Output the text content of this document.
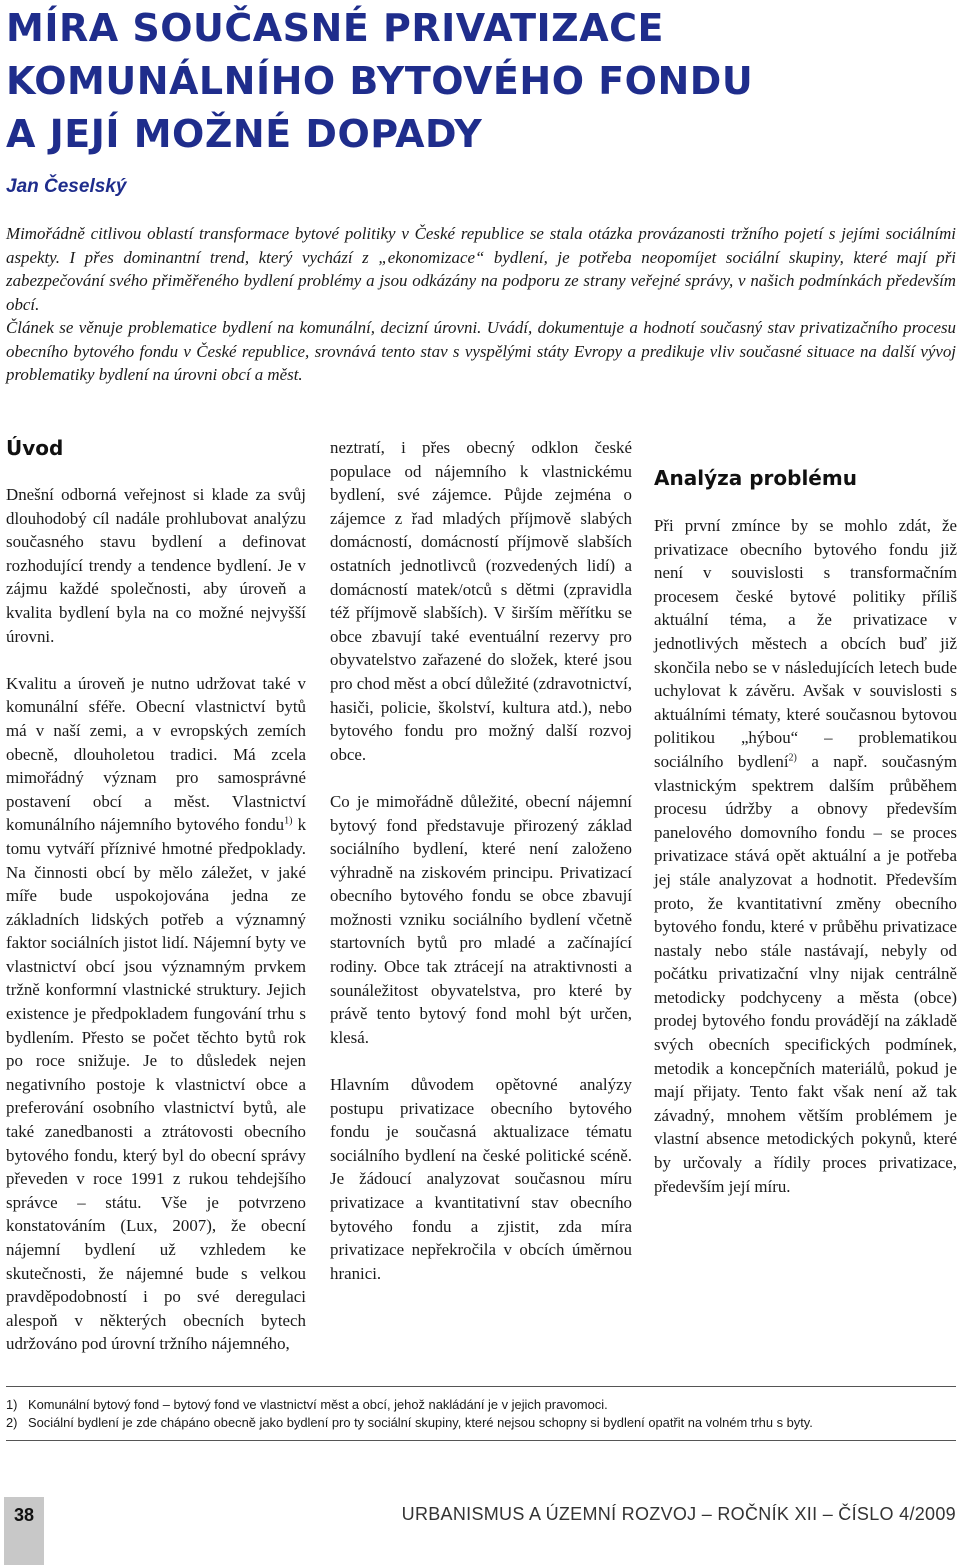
MÍRA SOUČASNÉ PRIVATIZACE
KOMUNÁLNÍHO BYTOVÉHO FONDU
A JEJÍ MOŽNÉ DOPADY

Jan Česelský

Mimořádně citlivou oblastí transformace bytové politiky v České republice se stala otázka provázanosti tržního pojetí s jejími sociálními aspekty. I přes dominantní trend, který vychází z „ekonomizace“ bydlení, je potřeba neopomíjet sociální skupiny, které mají při zabezpečování svého přiměřeného bydlení problémy a jsou odkázány na podporu ze strany veřejné správy, v našich podmínkách především obcí.

Článek se věnuje problematice bydlení na komunální, decizní úrovni. Uvádí, dokumentuje a hodnotí současný stav privatizačního procesu obecního bytového fondu v České republice, srovnává tento stav s vyspělými státy Evropy a predikuje vliv současné situace na další vývoj problematiky bydlení na úrovni obcí a měst.

Úvod

Dnešní odborná veřejnost si klade za svůj dlouhodobý cíl nadále prohlubovat analýzu současného stavu bydlení a definovat rozhodující trendy a tendence bydlení. Je v zájmu každé společnosti, aby úroveň a kvalita bydlení byla na co možné nejvyšší úrovni.

Kvalitu a úroveň je nutno udržovat také v komunální sféře. Obecní vlastnictví bytů má v naší zemi, a v evropských zemích obecně, dlouholetou tradici. Má zcela mimořádný význam pro samosprávné postavení obcí a měst. Vlastnictví komunálního nájemního bytového fondu$^{1)}$ k tomu vytváří příznivé hmotné předpoklady. Na činnosti obcí by mělo záležet, v jaké míře bude uspokojována jedna ze základních lidských potřeb a významný faktor sociálních jistot lidí. Nájemní byty ve vlastnictví obcí jsou významným prvkem tržně konformní vlastnické struktury. Jejich existence je předpokladem fungování trhu s bydlením. Přesto se počet těchto bytů rok po roce snižuje. Je to důsledek nejen negativního postoje k vlastnictví obce a preferování osobního vlastnictví bytů, ale také zanedbanosti a ztrátovosti obecního bytového fondu, který byl do obecní správy převeden v roce 1991 z rukou tehdejšího správce – státu. Vše je potvrzeno konstatováním (Lux, 2007), že obecní nájemní bydlení už vzhledem ke skutečnosti, že nájemné bude s velkou pravděpodobností i po své deregulaci alespoň v některých obecních bytech udržováno pod úrovní tržního nájemného,

neztratí, i přes obecný odklon české populace od nájemního k vlastnickému bydlení, své zájemce. Půjde zejména o zájemce z řad mladých příjmově slabých domácností, domácností příjmově slabších ostatních jednotlivců (rozvedených lidí) a domácností matek/otců s dětmi (zpravidla též příjmově slabších). V širším měřítku se obce zbavují také eventuální rezervy pro obyvatelstvo zařazené do složek, které jsou pro chod měst a obcí důležité (zdravotnictví, hasiči, policie, školství, kultura atd.), nebo bytového fondu pro možný další rozvoj obce.

Co je mimořádně důležité, obecní nájemní bytový fond představuje přirozený základ sociálního bydlení, které není založeno výhradně na ziskovém principu. Privatizací obecního bytového fondu se obce zbavují možnosti vzniku sociálního bydlení včetně startovních bytů pro mladé a začínající rodiny. Obce tak ztrácejí na atraktivnosti a sounáležitost obyvatelstva, pro které by právě tento bytový fond mohl být určen, klesá.

Hlavním důvodem opětovné analýzy postupu privatizace obecního bytového fondu je současná aktualizace tématu sociálního bydlení na české politické scéně. Je žádoucí analyzovat současnou míru privatizace a kvantitativní stav obecního bytového fondu a zjistit, zda míra privatizace nepřekročila v obcích úměrnou hranici.

Analýza problému

Při první zmínce by se mohlo zdát, že privatizace obecního bytového fondu již není v souvislosti s transformačním procesem české bytové politiky příliš aktuální téma, a že privatizace v jednotlivých městech a obcích buď již skončila nebo se v následujících letech bude uchylovat k závěru. Avšak v souvislosti s aktuálními tématy, které současnou bytovou politikou „hýbou“ – problematikou sociálního bydlení$^{2)}$ a např. současným vlastnickým spektrem dalším průběhem procesu údržby a obnovy především panelového domovního fondu – se proces privatizace stává opět aktuální a je potřeba jej stále analyzovat a hodnotit. Především proto, že kvantitativní změny obecního bytového fondu, které v průběhu privatizace nastaly nebo stále nastávají, nebyly od počátku privatizační vlny nijak centrálně metodicky podchyceny a města (obce) prodej bytového fondu provádějí na základě svých obecních specifických podmínek, metodik a koncepčních materiálů, pokud je mají přijaty. Tento fakt však není až tak závadný, mnohem větším problémem je vlastní absence metodických pokynů, které by určovaly a řídily proces privatizace, především její míru.

1) Komunální bytový fond – bytový fond ve vlastnictví měst a obcí, jehož nakládání je v jejich pravomoci.
2) Sociální bydlení je zde chápáno obecně jako bydlení pro ty sociální skupiny, které nejsou schopny si bydlení opatřit na volném trhu s byty.
38	URBANISMUS A ÚZEMNÍ ROZVOJ – ROČNÍK XII – ČÍSLO 4/2009
